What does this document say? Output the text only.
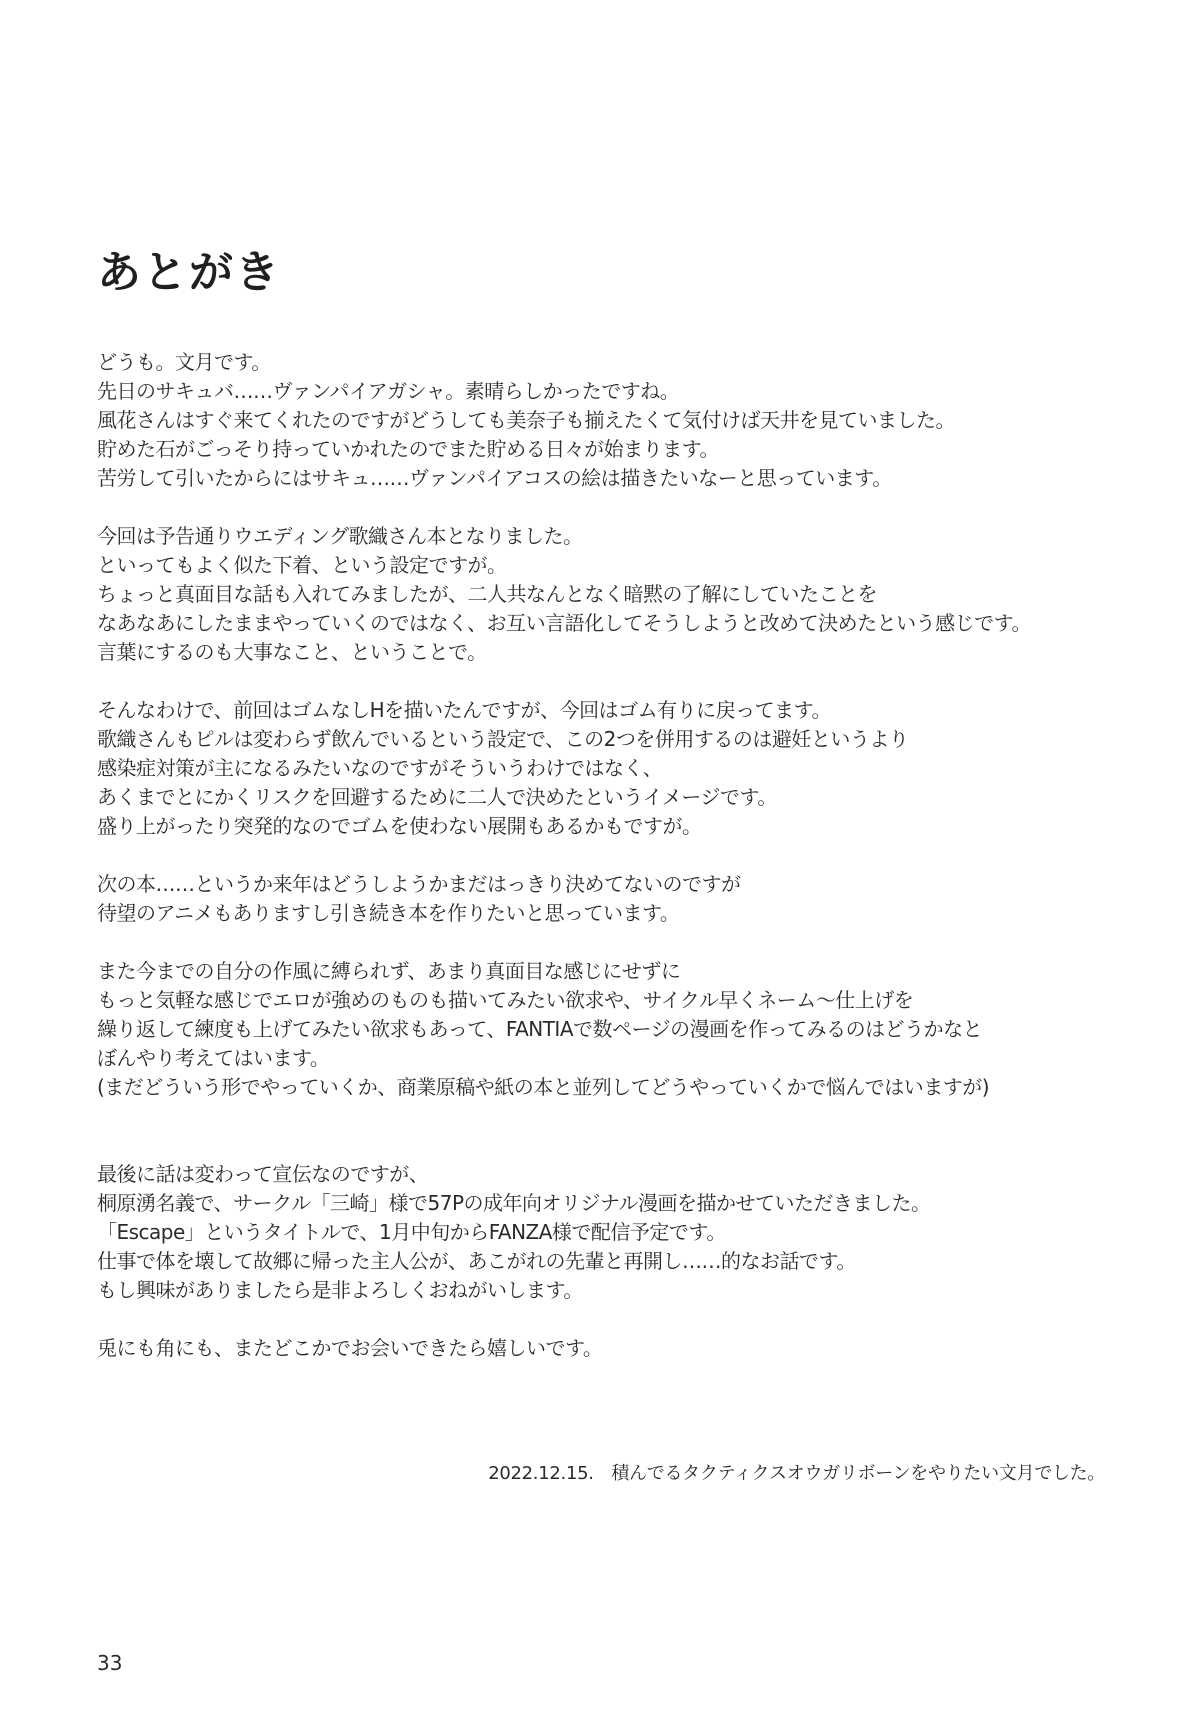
あとがき
どうも。文月です。
先日のサキュバ……ヴァンパイアガシャ。素晴らしかったですね。
風花さんはすぐ来てくれたのですがどうしても美奈子も揃えたくて気付けば天井を見ていました。
貯めた石がごっそり持っていかれたのでまた貯める日々が始まります。
苦労して引いたからにはサキュ……ヴァンパイアコスの絵は描きたいなーと思っています。
今回は予告通りウエディング歌織さん本となりました。
といってもよく似た下着、という設定ですが。
ちょっと真面目な話も入れてみましたが、二人共なんとなく暗黙の了解にしていたことを
なあなあにしたままやっていくのではなく、お互い言語化してそうしようと改めて決めたという感じです。
言葉にするのも大事なこと、ということで。
そんなわけで、前回はゴムなしHを描いたんですが、今回はゴム有りに戻ってます。
歌織さんもピルは変わらず飲んでいるという設定で、この2つを併用するのは避妊というより
感染症対策が主になるみたいなのですがそういうわけではなく、
あくまでとにかくリスクを回避するために二人で決めたというイメージです。
盛り上がったり突発的なのでゴムを使わない展開もあるかもですが。
次の本……というか来年はどうしようかまだはっきり決めてないのですが
待望のアニメもありますし引き続き本を作りたいと思っています。
また今までの自分の作風に縛られず、あまり真面目な感じにせずに
もっと気軽な感じでエロが強めのものも描いてみたい欲求や、サイクル早くネーム～仕上げを
繰り返して練度も上げてみたい欲求もあって、FANTIAで数ページの漫画を作ってみるのはどうかなと
ぼんやり考えてはいます。
(まだどういう形でやっていくか、商業原稿や紙の本と並列してどうやっていくかで悩んではいますが)
最後に話は変わって宣伝なのですが、
桐原湧名義で、サークル「三崎」様で57Pの成年向オリジナル漫画を描かせていただきました。
「Escape」というタイトルで、1月中旬からFANZA様で配信予定です。
仕事で体を壊して故郷に帰った主人公が、あこがれの先輩と再開し……的なお話です。
もし興味がありましたら是非よろしくおねがいします。
兎にも角にも、またどこかでお会いできたら嬉しいです。
2022.12.15.　積んでるタクティクスオウガリボーンをやりたい文月でした。
33
